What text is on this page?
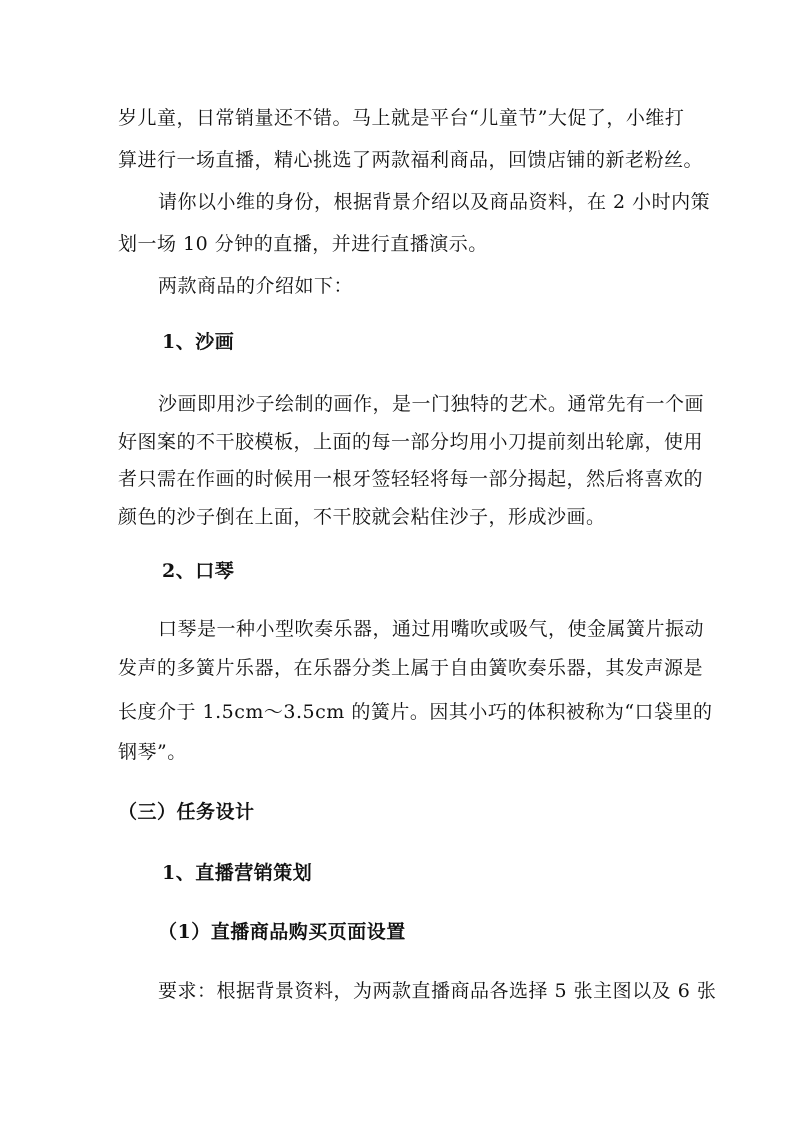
岁儿童，日常销量还不错。马上就是平台“儿童节”大促了，小维打
算进行一场直播，精心挑选了两款福利商品，回馈店铺的新老粉丝。
请你以小维的身份，根据背景介绍以及商品资料，在 2 小时内策
划一场 10 分钟的直播，并进行直播演示。
两款商品的介绍如下：
1、沙画
沙画即用沙子绘制的画作，是一门独特的艺术。通常先有一个画
好图案的不干胶模板，上面的每一部分均用小刀提前刻出轮廓，使用
者只需在作画的时候用一根牙签轻轻将每一部分揭起，然后将喜欢的
颜色的沙子倒在上面，不干胶就会粘住沙子，形成沙画。
2、口琴
口琴是一种小型吹奏乐器，通过用嘴吹或吸气，使金属簧片振动
发声的多簧片乐器，在乐器分类上属于自由簧吹奏乐器，其发声源是
长度介于 1.5cm～3.5cm 的簧片。因其小巧的体积被称为“口袋里的
钢琴”。
（三）任务设计
1、直播营销策划
（1）直播商品购买页面设置
要求：根据背景资料，为两款直播商品各选择 5 张主图以及 6 张
